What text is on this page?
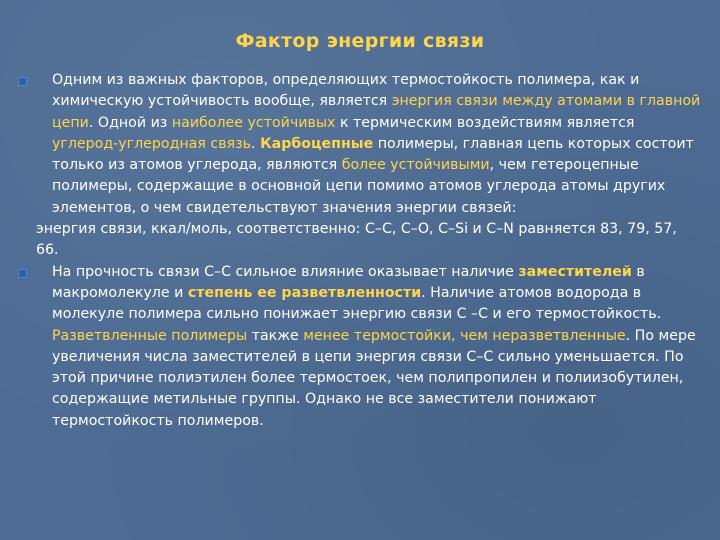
Фактор энергии связи

Одним из важных факторов, определяющих термостойкость полимера, как и химическую устойчивость вообще, является энергия связи между атомами в главной цепи. Одной из наиболее устойчивых к термическим воздействиям является углерод-углеродная связь. Карбоцепные полимеры, главная цепь которых состоит только из атомов углерода, являются более устойчивыми, чем гетероцепные полимеры, содержащие в основной цепи помимо атомов углерода атомы других элементов, о чем свидетельствуют значения энергии связей:

энергия связи, ккал/моль, соответственно: C–C, C–O, C–Si и C–N равняется 83, 79, 57, 66.

На прочность связи C–C сильное влияние оказывает наличие заместителей в макромолекуле и степень ее разветвленности. Наличие атомов водорода в молекуле полимера сильно понижает энергию связи C –C и его термостойкость. Разветвленные полимеры также менее термостойки, чем неразветвленные. По мере увеличения числа заместителей в цепи энергия связи C–C сильно уменьшается. По этой причине полиэтилен более термостоек, чем полипропилен и полиизобутилен, содержащие метильные группы. Однако не все заместители понижают термостойкость полимеров.
